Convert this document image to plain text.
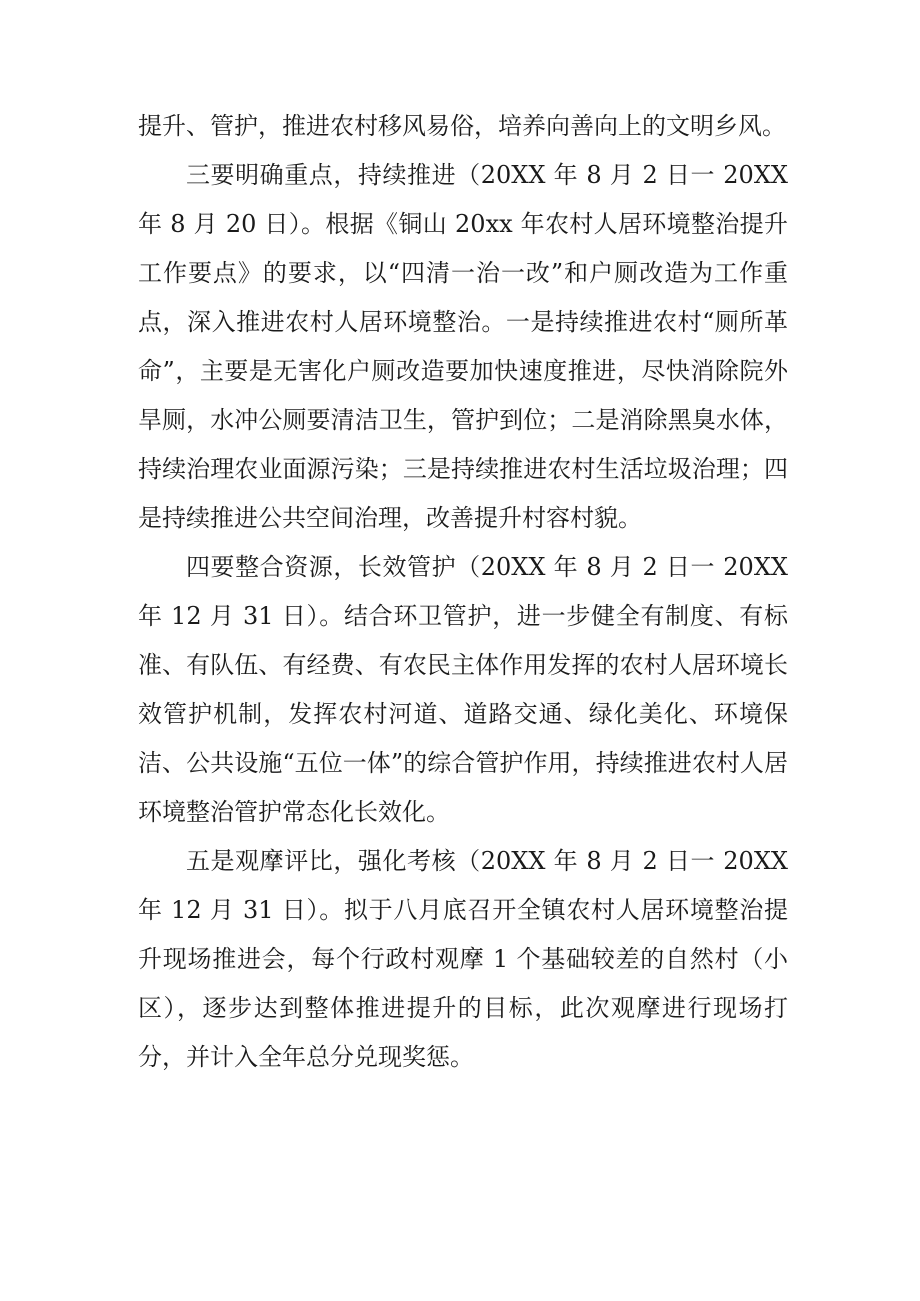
提升、管护，推进农村移风易俗，培养向善向上的文明乡风。

三要明确重点，持续推进（20XX 年 8 月 2 日一 20XX 年 8 月 20 日）。根据《铜山 20xx 年农村人居环境整治提升工作要点》的要求，以“四清一治一改”和户厕改造为工作重点，深入推进农村人居环境整治。一是持续推进农村“厕所革命”，主要是无害化户厕改造要加快速度推进，尽快消除院外旱厕，水冲公厕要清洁卫生，管护到位；二是消除黑臭水体，持续治理农业面源污染；三是持续推进农村生活垃圾治理；四是持续推进公共空间治理，改善提升村容村貌。

四要整合资源，长效管护（20XX 年 8 月 2 日一 20XX 年 12 月 31 日）。结合环卫管护，进一步健全有制度、有标准、有队伍、有经费、有农民主体作用发挥的农村人居环境长效管护机制，发挥农村河道、道路交通、绿化美化、环境保洁、公共设施“五位一体”的综合管护作用，持续推进农村人居环境整治管护常态化长效化。

五是观摩评比，强化考核（20XX 年 8 月 2 日一 20XX 年 12 月 31 日）。拟于八月底召开全镇农村人居环境整治提升现场推进会，每个行政村观摩 1 个基础较差的自然村（小区），逐步达到整体推进提升的目标，此次观摩进行现场打分，并计入全年总分兑现奖惩。
